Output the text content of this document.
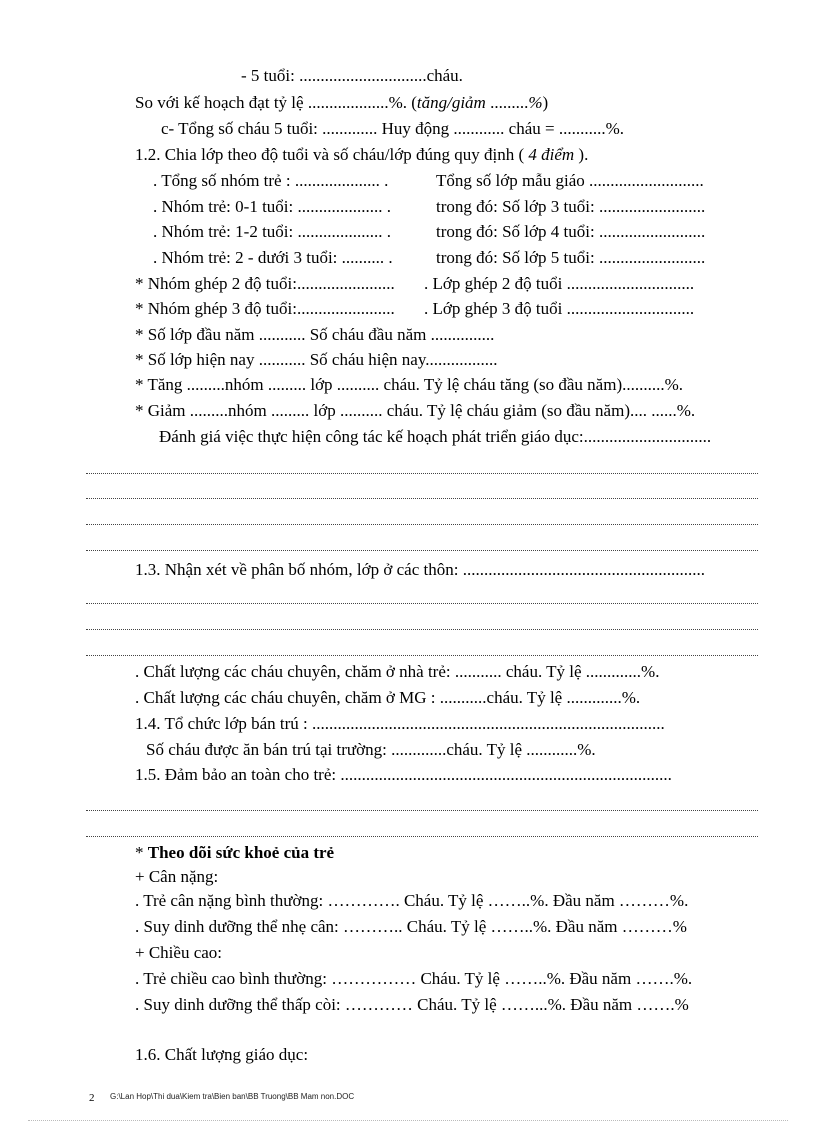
- 5 tuổi: ..............................cháu.
So với kế hoạch đạt tỷ lệ ...................%. (tăng/giảm .........%)
c- Tổng số cháu 5 tuổi: ............. Huy động ............ cháu = ...........%.
1.2. Chia lớp theo độ tuổi và số cháu/lớp đúng quy định ( 4 điểm ).
. Tổng số nhóm trẻ : .................... .	Tổng số lớp mẫu giáo ...........................
. Nhóm trẻ: 0-1 tuổi: .................... .	trong đó: Số lớp 3 tuổi: .........................
. Nhóm trẻ: 1-2 tuổi: .................... .	trong đó: Số lớp 4 tuổi: .........................
. Nhóm trẻ: 2 - dưới 3 tuổi: .......... .	trong đó: Số lớp 5 tuổi: .........................
* Nhóm ghép 2 độ tuổi:....................... . Lớp ghép 2 độ tuổi ..............................
* Nhóm ghép 3 độ tuổi:....................... . Lớp ghép 3 độ tuổi ..............................
* Số lớp đầu năm ........... Số cháu đầu năm ...............
* Số lớp hiện nay ........... Số cháu hiện nay.................
* Tăng .........nhóm ......... lớp .......... cháu. Tỷ lệ cháu tăng (so đầu năm)..........%.
* Giảm .........nhóm ......... lớp .......... cháu. Tỷ lệ cháu giảm (so đầu năm).... ......%.
Đánh giá việc thực hiện công tác kế hoạch phát triển giáo dục:..............................
1.3. Nhận xét về phân bố nhóm, lớp ở các thôn: .........................................................
. Chất lượng các cháu chuyên, chăm ở nhà trẻ: ........... cháu. Tỷ lệ .............%.
. Chất lượng các cháu chuyên, chăm ở MG : ...........cháu. Tỷ lệ .............%.
1.4. Tổ chức lớp bán trú : ...................................................................................
Số cháu được ăn bán trú tại trường: .............cháu. Tỷ lệ ............%.
1.5. Đảm bảo an toàn cho trẻ: ..............................................................................
* Theo dõi sức khoẻ của trẻ
+ Cân nặng:
. Trẻ cân nặng bình thường: …………. Cháu. Tỷ lệ ……..%. Đầu năm ………%.
. Suy dinh dưỡng thể nhẹ cân: ……….. Cháu. Tỷ lệ ……..%. Đầu năm ………%
+ Chiều cao:
. Trẻ chiều cao bình thường: …………… Cháu. Tỷ lệ ……..%. Đầu năm …….%.
. Suy dinh dưỡng thể thấp còi: ………… Cháu. Tỷ lệ ……...%. Đầu năm …….%
1.6. Chất lượng giáo dục:
2 G:\Lan Hop\Thi dua\Kiem tra\Bien ban\BB Truong\BB Mam non.DOC
